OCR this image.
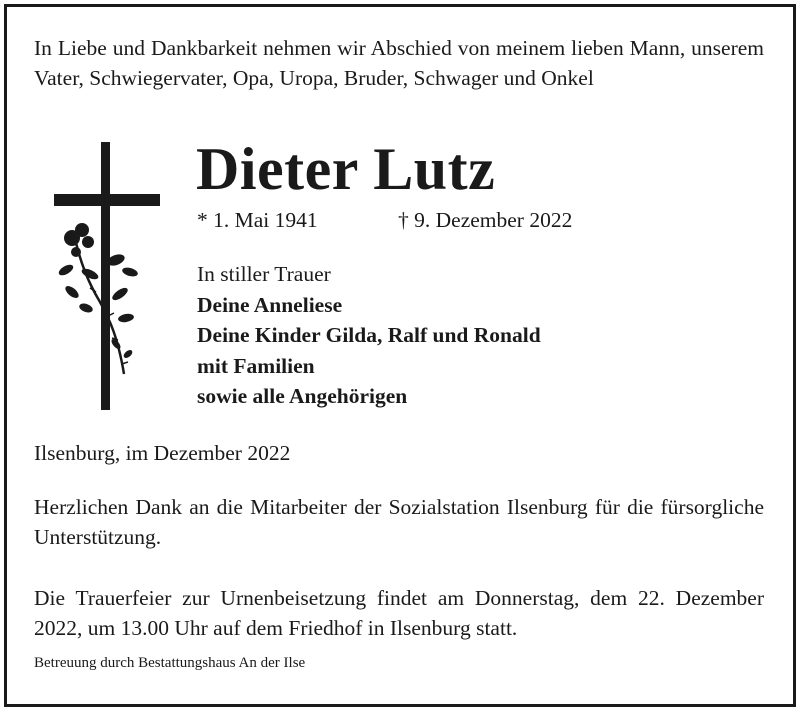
In Liebe und Dankbarkeit nehmen wir Abschied von meinem lieben Mann, unserem Vater, Schwiegervater, Opa, Uropa, Bruder, Schwager und Onkel

Dieter Lutz
* 1. Mai 1941	† 9. Dezember 2022
In stiller Trauer
Deine Anneliese
Deine Kinder Gilda, Ralf und Ronald
mit Familien
sowie alle Angehörigen

Ilsenburg, im Dezember 2022

Herzlichen Dank an die Mitarbeiter der Sozialstation Ilsenburg für die fürsorgliche Unterstützung.

Die Trauerfeier zur Urnenbeisetzung findet am Donnerstag, dem 22. Dezember 2022, um 13.00 Uhr auf dem Friedhof in Ilsenburg statt.

Betreuung durch Bestattungshaus An der Ilse
